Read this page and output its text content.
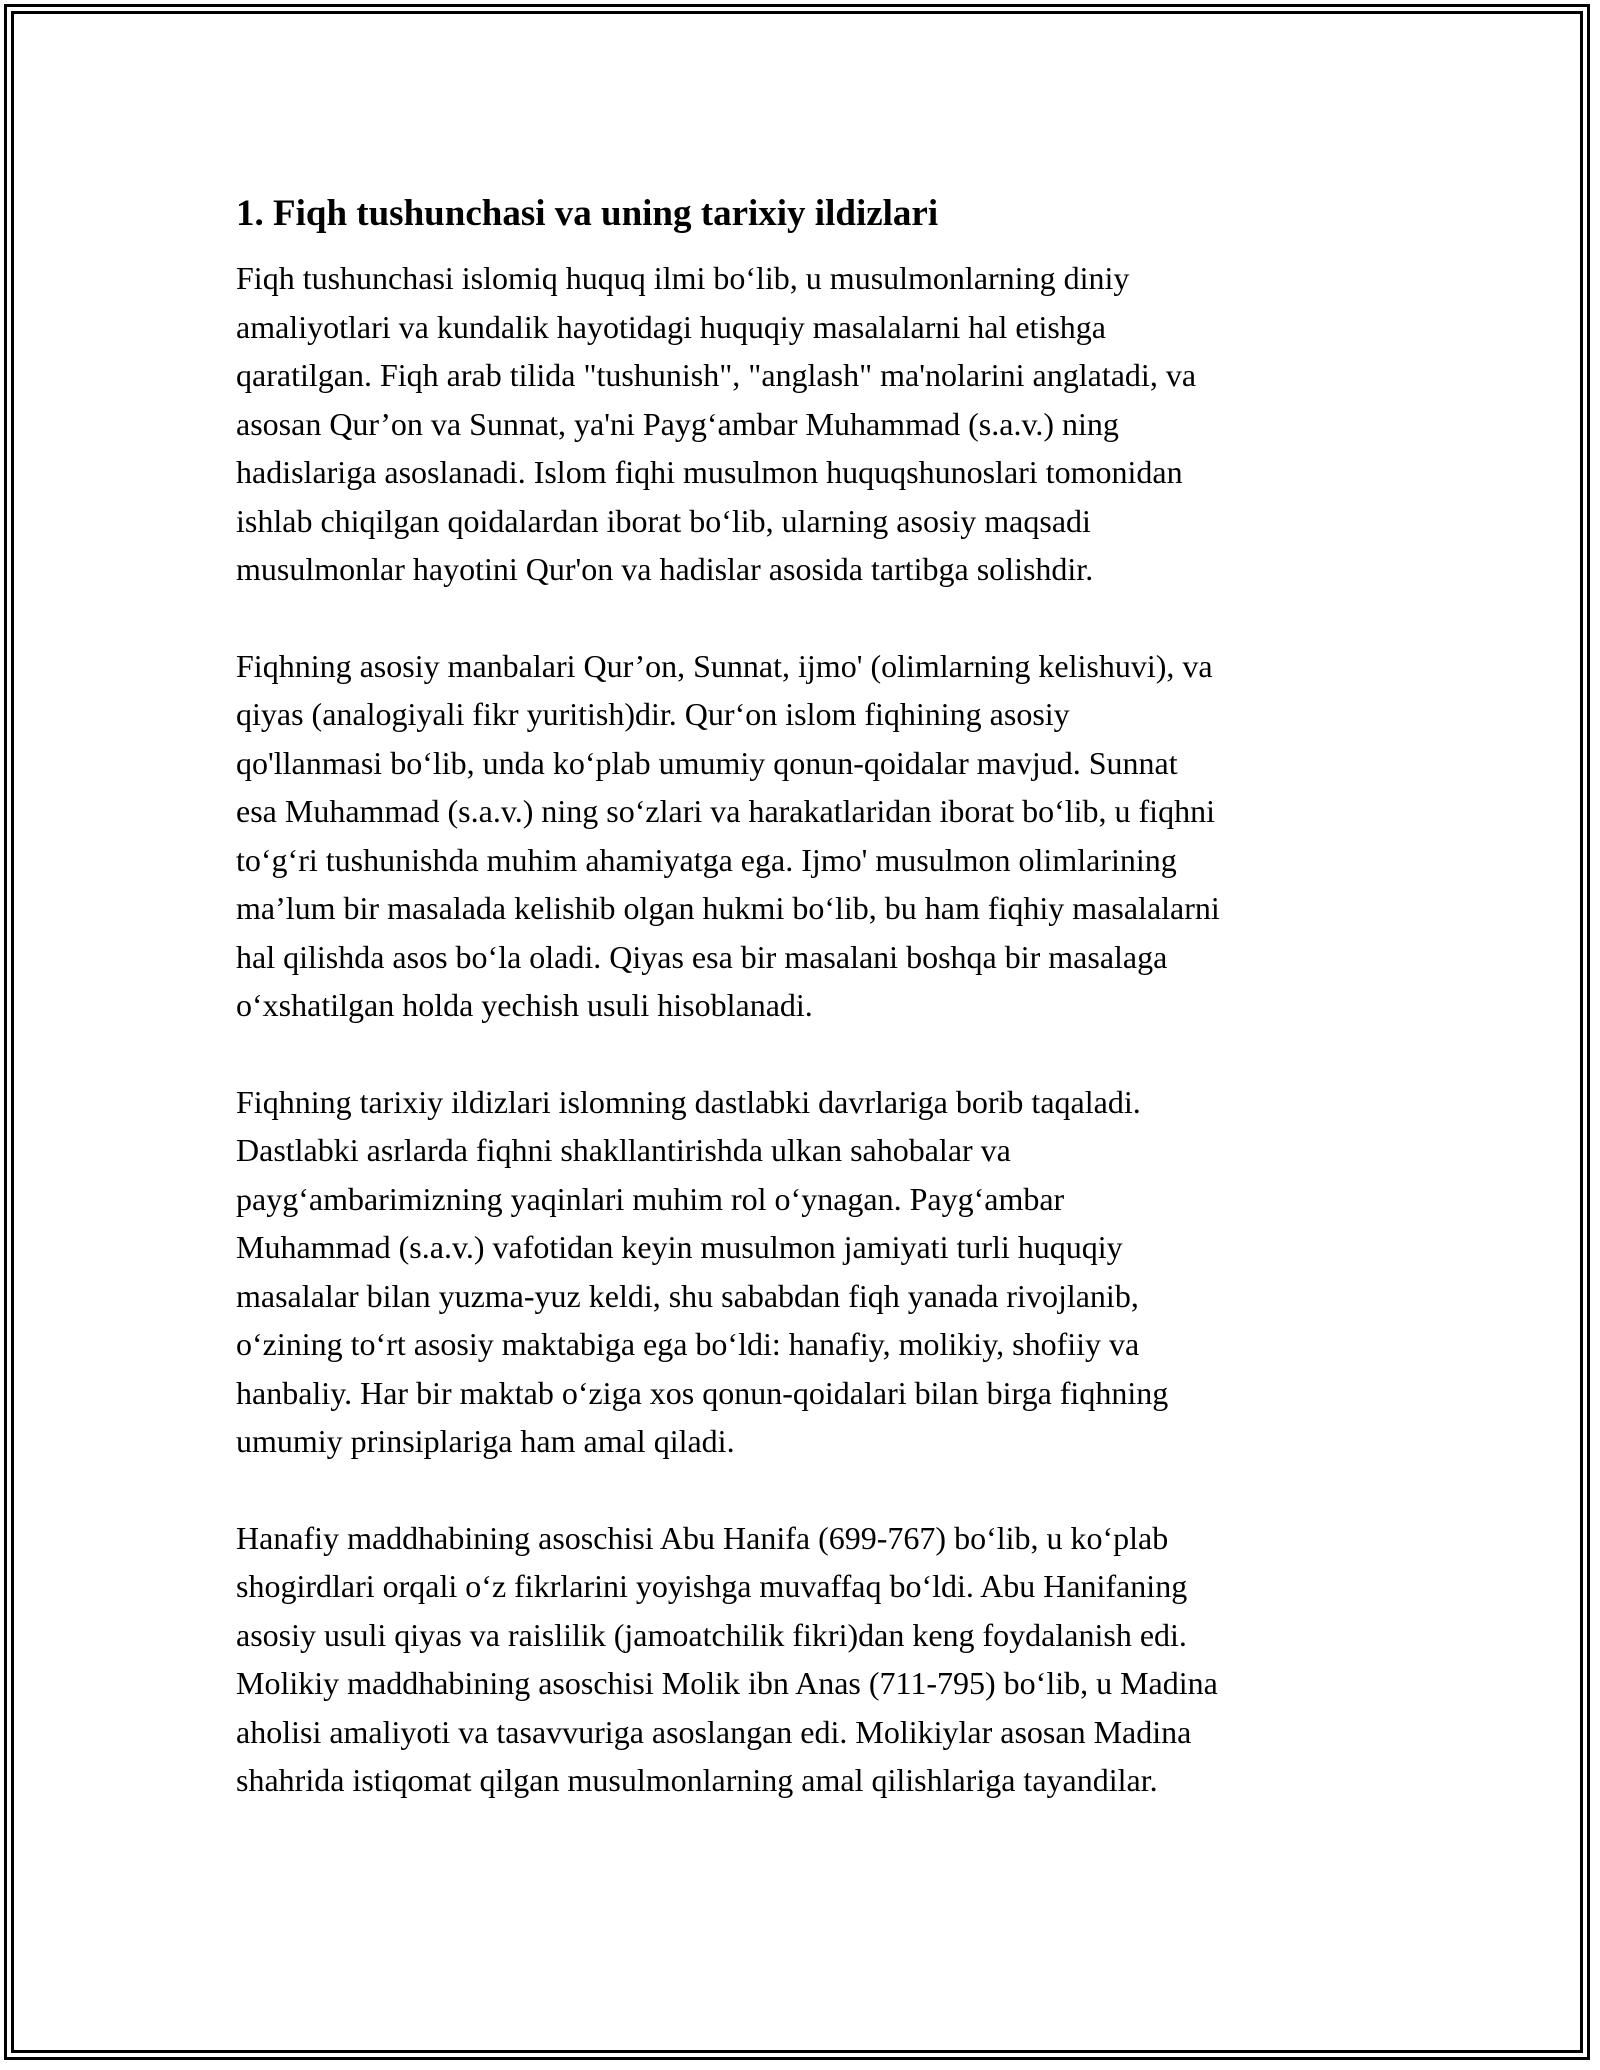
1. Fiqh tushunchasi va uning tarixiy ildizlari

Fiqh tushunchasi islomiq huquq ilmi bo‘lib, u musulmonlarning diniy
amaliyotlari va kundalik hayotidagi huquqiy masalalarni hal etishga
qaratilgan. Fiqh arab tilida "tushunish", "anglash" ma'nolarini anglatadi, va
asosan Qur’on va Sunnat, ya'ni Payg‘ambar Muhammad (s.a.v.) ning
hadislariga asoslanadi. Islom fiqhi musulmon huquqshunoslari tomonidan
ishlab chiqilgan qoidalardan iborat bo‘lib, ularning asosiy maqsadi
musulmonlar hayotini Qur'on va hadislar asosida tartibga solishdir.

Fiqhning asosiy manbalari Qur’on, Sunnat, ijmo' (olimlarning kelishuvi), va
qiyas (analogiyali fikr yuritish)dir. Qur‘on islom fiqhining asosiy
qo'llanmasi bo‘lib, unda ko‘plab umumiy qonun-qoidalar mavjud. Sunnat
esa Muhammad (s.a.v.) ning so‘zlari va harakatlaridan iborat bo‘lib, u fiqhni
to‘g‘ri tushunishda muhim ahamiyatga ega. Ijmo' musulmon olimlarining
ma’lum bir masalada kelishib olgan hukmi bo‘lib, bu ham fiqhiy masalalarni
hal qilishda asos bo‘la oladi. Qiyas esa bir masalani boshqa bir masalaga
o‘xshatilgan holda yechish usuli hisoblanadi.

Fiqhning tarixiy ildizlari islomning dastlabki davrlariga borib taqaladi.
Dastlabki asrlarda fiqhni shakllantirishda ulkan sahobalar va
payg‘ambarimizning yaqinlari muhim rol o‘ynagan. Payg‘ambar
Muhammad (s.a.v.) vafotidan keyin musulmon jamiyati turli huquqiy
masalalar bilan yuzma-yuz keldi, shu sababdan fiqh yanada rivojlanib,
o‘zining to‘rt asosiy maktabiga ega bo‘ldi: hanafiy, molikiy, shofiiy va
hanbaliy. Har bir maktab o‘ziga xos qonun-qoidalari bilan birga fiqhning
umumiy prinsiplariga ham amal qiladi.

Hanafiy maddhabining asoschisi Abu Hanifa (699-767) bo‘lib, u ko‘plab
shogirdlari orqali o‘z fikrlarini yoyishga muvaffaq bo‘ldi. Abu Hanifaning
asosiy usuli qiyas va raislilik (jamoatchilik fikri)dan keng foydalanish edi.
Molikiy maddhabining asoschisi Molik ibn Anas (711-795) bo‘lib, u Madina
aholisi amaliyoti va tasavvuriga asoslangan edi. Molikiylar asosan Madina
shahrida istiqomat qilgan musulmonlarning amal qilishlariga tayandilar.
